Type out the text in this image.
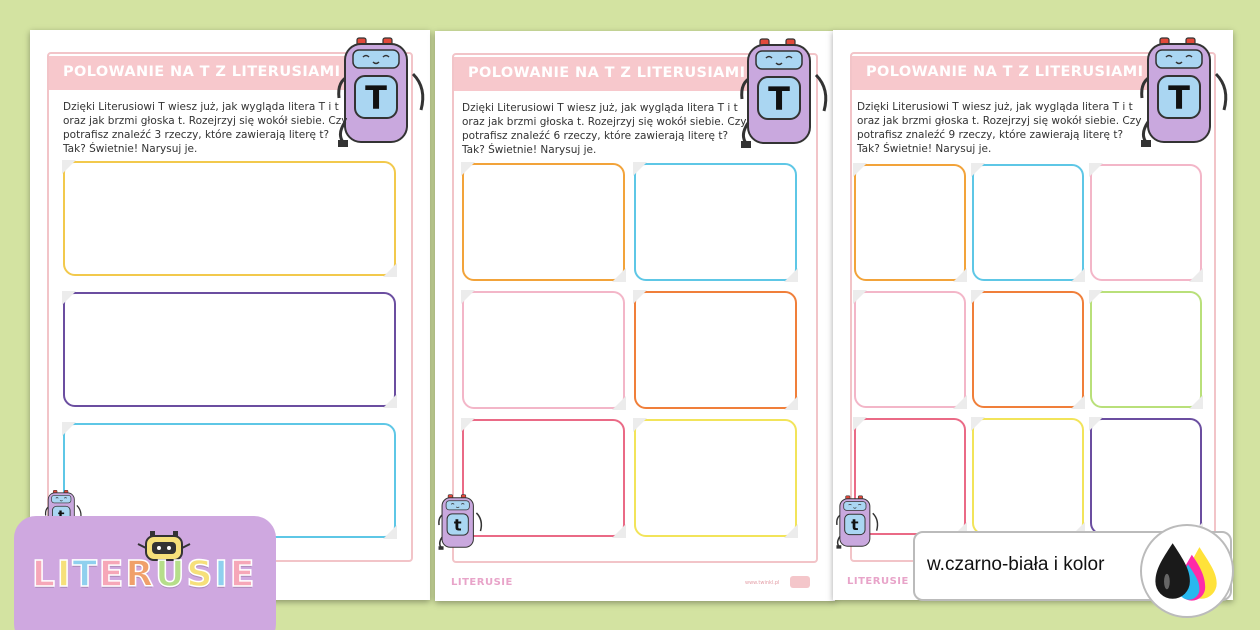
POLOWANIE NA T Z LITERUSIAMI
T
Dzięki Literusiowi T wiesz już, jak wygląda litera T i t oraz jak brzmi głoska t. Rozejrzyj się wokół siebie. Czy potrafisz znaleźć 3 rzeczy, które zawierają literę t? Tak? Świetnie! Narysuj je.
POLOWANIE NA T Z LITERUSIAMI
T
Dzięki Literusiowi T wiesz już, jak wygląda litera T i t oraz jak brzmi głoska t. Rozejrzyj się wokół siebie. Czy potrafisz znaleźć 6 rzeczy, które zawierają literę t? Tak? Świetnie! Narysuj je.
t
LITERUSIE	www.twinkl.pl
POLOWANIE NA T Z LITERUSIAMI
T
Dzięki Literusiowi T wiesz już, jak wygląda litera T i t oraz jak brzmi głoska t. Rozejrzyj się wokół siebie. Czy potrafisz znaleźć 9 rzeczy, które zawierają literę t? Tak? Świetnie! Narysuj je.
t
LITERUSIE
LITERUSIE	w.czarno-biała i kolor
